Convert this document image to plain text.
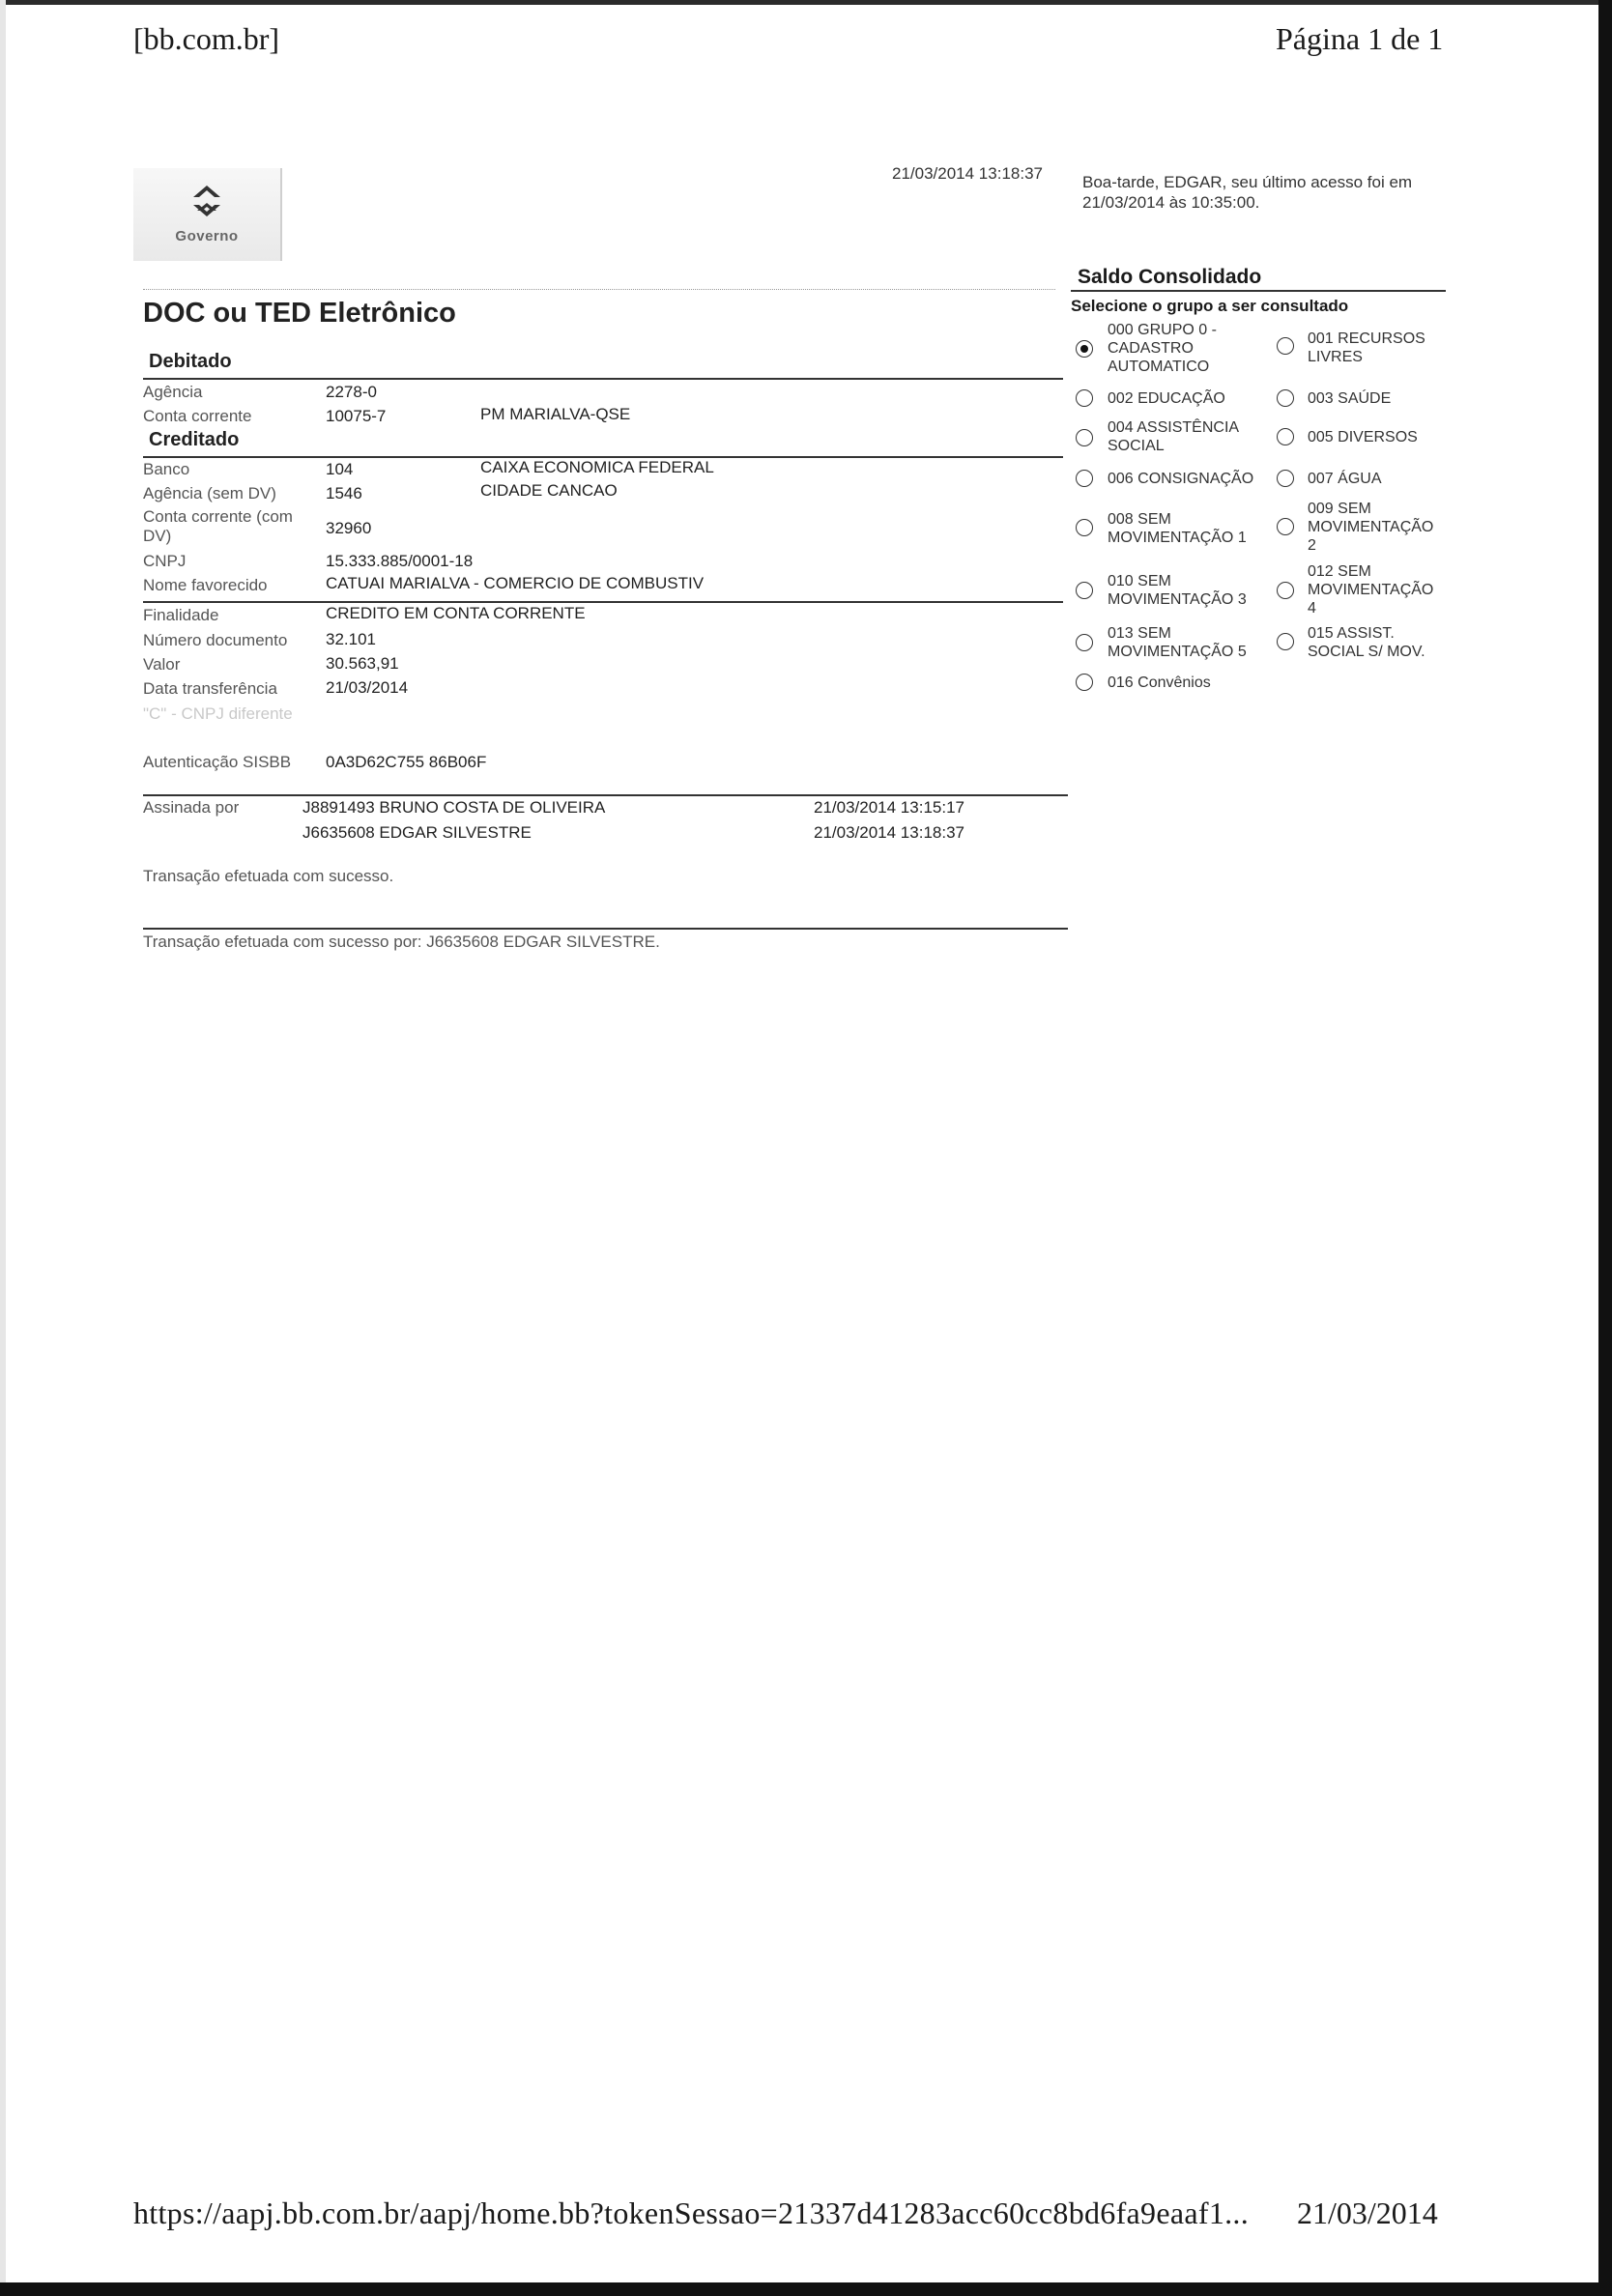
[bb.com.br]	Página 1 de 1
Governo
21/03/2014 13:18:37 Boa-tarde, EDGAR, seu último acesso foi em 21/03/2014 às 10:35:00.
DOC ou TED Eletrônico
Debitado
Agência	2278-0
Conta corrente	10075-7	PM MARIALVA-QSE
Creditado
Banco	104	CAIXA ECONOMICA FEDERAL
Agência (sem DV)	1546	CIDADE CANCAO
Conta corrente (com DV)	32960
CNPJ	15.333.885/0001-18
Nome favorecido	CATUAI MARIALVA - COMERCIO DE COMBUSTIV
Finalidade	CREDITO EM CONTA CORRENTE
Número documento 32.101
Valor	30.563,91
Data transferência	21/03/2014
"C" - CNPJ diferente
Autenticação SISBB 0A3D62C755 86B06F
Assinada por	J8891493 BRUNO COSTA DE OLIVEIRA	21/03/2014 13:15:17
J6635608 EDGAR SILVESTRE	21/03/2014 13:18:37
Transação efetuada com sucesso.
Transação efetuada com sucesso por: J6635608 EDGAR SILVESTRE.
Saldo Consolidado
Selecione o grupo a ser consultado
000 GRUPO 0 -
CADASTRO
AUTOMATICO
001 RECURSOS
LIVRES
002 EDUCAÇÃO	003 SAÚDE
004 ASSISTÊNCIA
SOCIAL
005 DIVERSOS
006 CONSIGNAÇÃO	007 ÁGUA
008 SEM
MOVIMENTAÇÃO 1
009 SEM
MOVIMENTAÇÃO
2
010 SEM
MOVIMENTAÇÃO 3
012 SEM
MOVIMENTAÇÃO
4
013 SEM
MOVIMENTAÇÃO 5
015 ASSIST.
SOCIAL S/ MOV.
016 Convênios
https://aapj.bb.com.br/aapj/home.bb?tokenSessao=21337d41283acc60cc8bd6fa9eaaf1... 21/03/2014
